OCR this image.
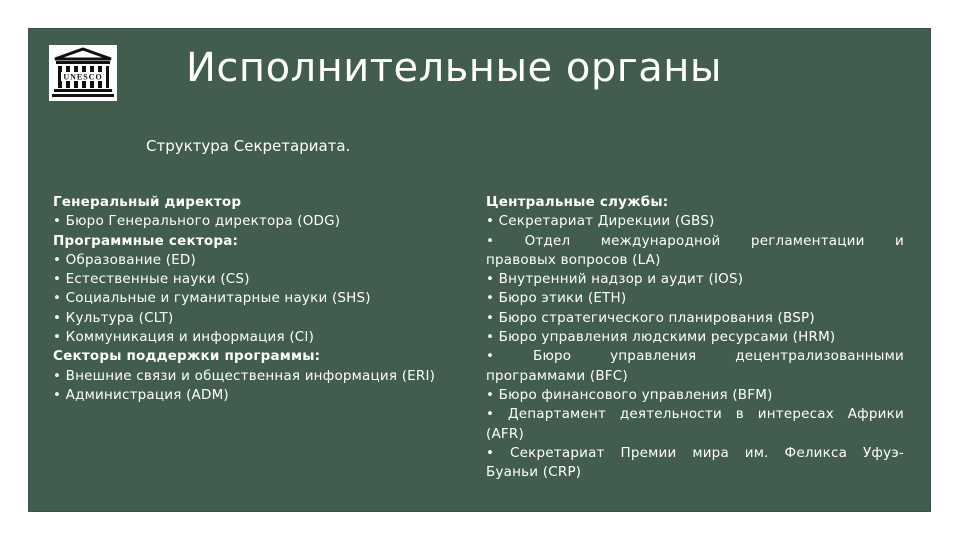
UNESCO Исполнительные органы

Структура Секретариата.

Генеральный директор
• Бюро Генерального директора (ODG)
Программные сектора:
• Образование (ED)
• Естественные науки (CS)
• Социальные и гуманитарные науки (SHS)
• Культура (CLT)
• Коммуникация и информация (CI)
Секторы поддержки программы:
• Внешние связи и общественная информация (ERI)
• Администрация (ADM)
Центральные службы:
• Секретариат Дирекции (GBS)
• Отдел международной регламентации и
правовых вопросов (LA)
• Внутренний надзор и аудит (IOS)
• Бюро этики (ETH)
• Бюро стратегического планирования (BSP)
• Бюро управления людскими ресурсами (HRM)
• Бюро управления децентрализованными
программами (BFC)
• Бюро финансового управления (BFM)
• Департамент деятельности в интересах Африки
(AFR)
• Секретариат Премии мира им. Феликса Уфуэ-
Буаньи (CRP)
